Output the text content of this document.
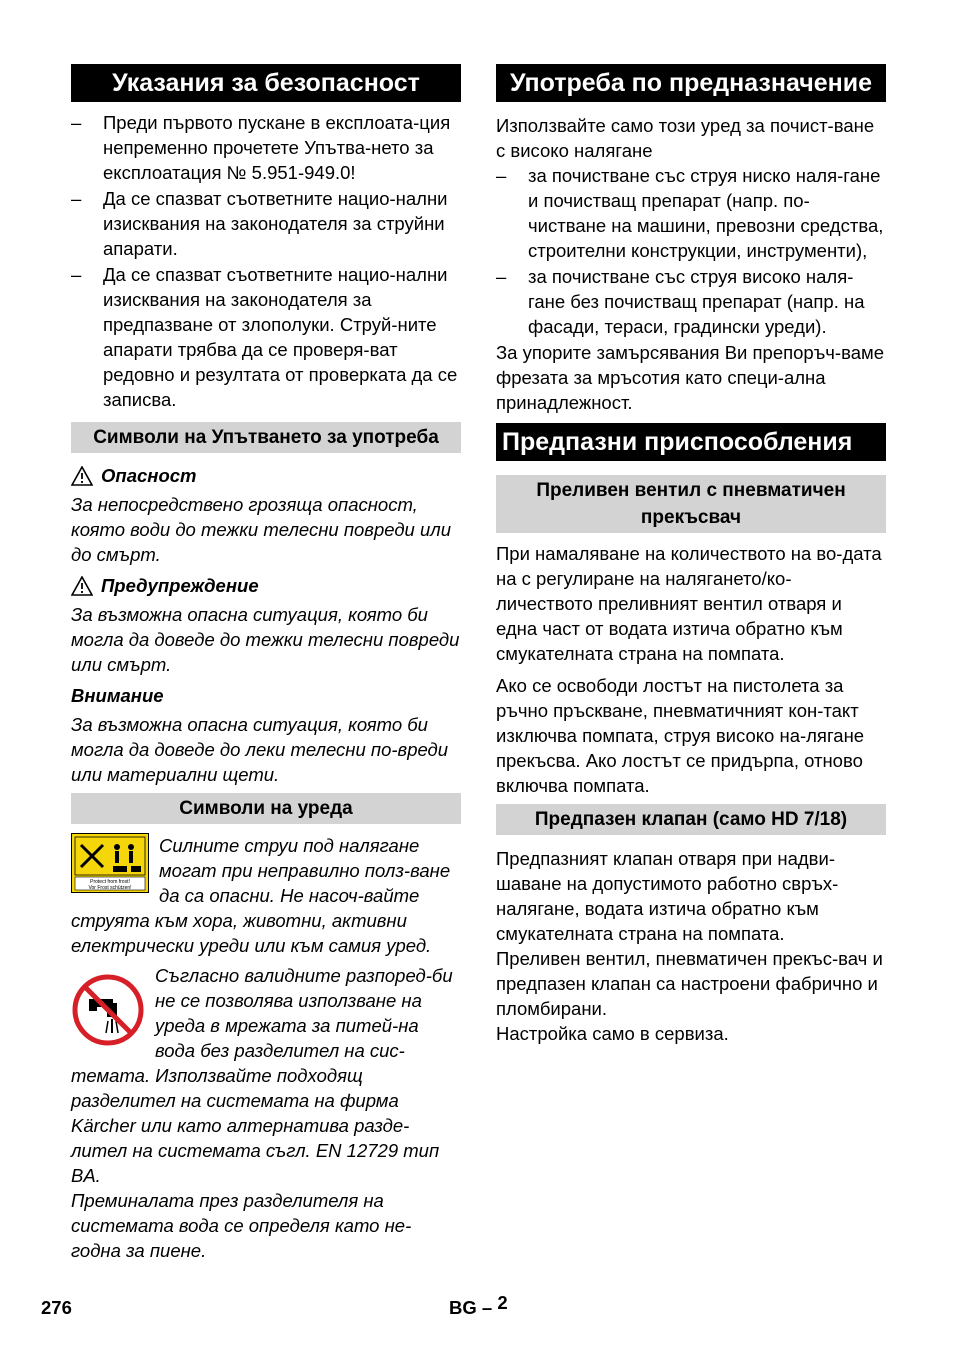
Указания за безопасност
– Преди първото пускане в експлоата-ция непременно прочетете Упътва-нето за експлоатация № 5.951-949.0!
– Да се спазват съответните нацио-нални изисквания на законодателя за струйни апарати.
– Да се спазват съответните нацио-нални изисквания на законодателя за предпазване от злополуки. Струй-ните апарати трябва да се проверя-ват редовно и резултата от проверката да се записва.
Символи на Упътването за употреба
Опасност

За непосредствено грозяща опасност, която води до тежки телесни повреди или до смърт.

Предупреждение

За възможна опасна ситуация, която би могла да доведе до тежки телесни повреди или смърт.

Внимание

За възможна опасна ситуация, която би могла да доведе до леки телесни по-вреди или материални щети.

Символи на уреда
Protect from frost!
Vor Frost schützen!

Силните струи под налягане могат при неправилно полз-ване да са опасни. Не насоч-вайте струята към хора, животни, активни електрически уреди или към самия уред.

Съгласно валидните разпоред-би не се позволява използване на уреда в мрежата за питей-на вода без разделител на сис-темата. Използвайте подходящ разделител на системата на фирма Kärcher или като алтернатива разде-лител на системата съгл. EN 12729 тип BA.

Преминалата през разделителя на системата вода се определя като не-годна за пиене.

Употреба по предназначение

Използвайте само този уред за почист-ване с високо налягане

– за почистване със струя ниско наля-гане и почистващ препарат (напр. по-чистване на машини, превозни средства, строителни конструкции, инструменти),
– за почистване със струя високо наля-гане без почистващ препарат (напр. на фасади, тераси, градински уреди).

За упорите замърсявания Ви препоръч-ваме фрезата за мръсотия като специ-ална принадлежност.

Предпазни приспособления
Преливен вентил с пневматичен прекъсвач

При намаляване на количеството на во-дата на с регулиране на налягането/ко-личеството преливният вентил отваря и една част от водата изтича обратно към смукателната страна на помпата.

Ако се освободи лостът на пистолета за ръчно пръскване, пневматичният кон-такт изключва помпата, струя високо на-лягане прекъсва. Ако лостът се придърпа, отново включва помпата.

Предпазен клапан (само HD 7/18)

Предпазният клапан отваря при надви-шаване на допустимото работно свръх-налягане, водата изтича обратно към смукателната страна на помпата.

Преливен вентил, пневматичен прекъс-вач и предпазен клапан са настроени фабрично и пломбирани.

Настройка само в сервиза.

276	BG – 2
